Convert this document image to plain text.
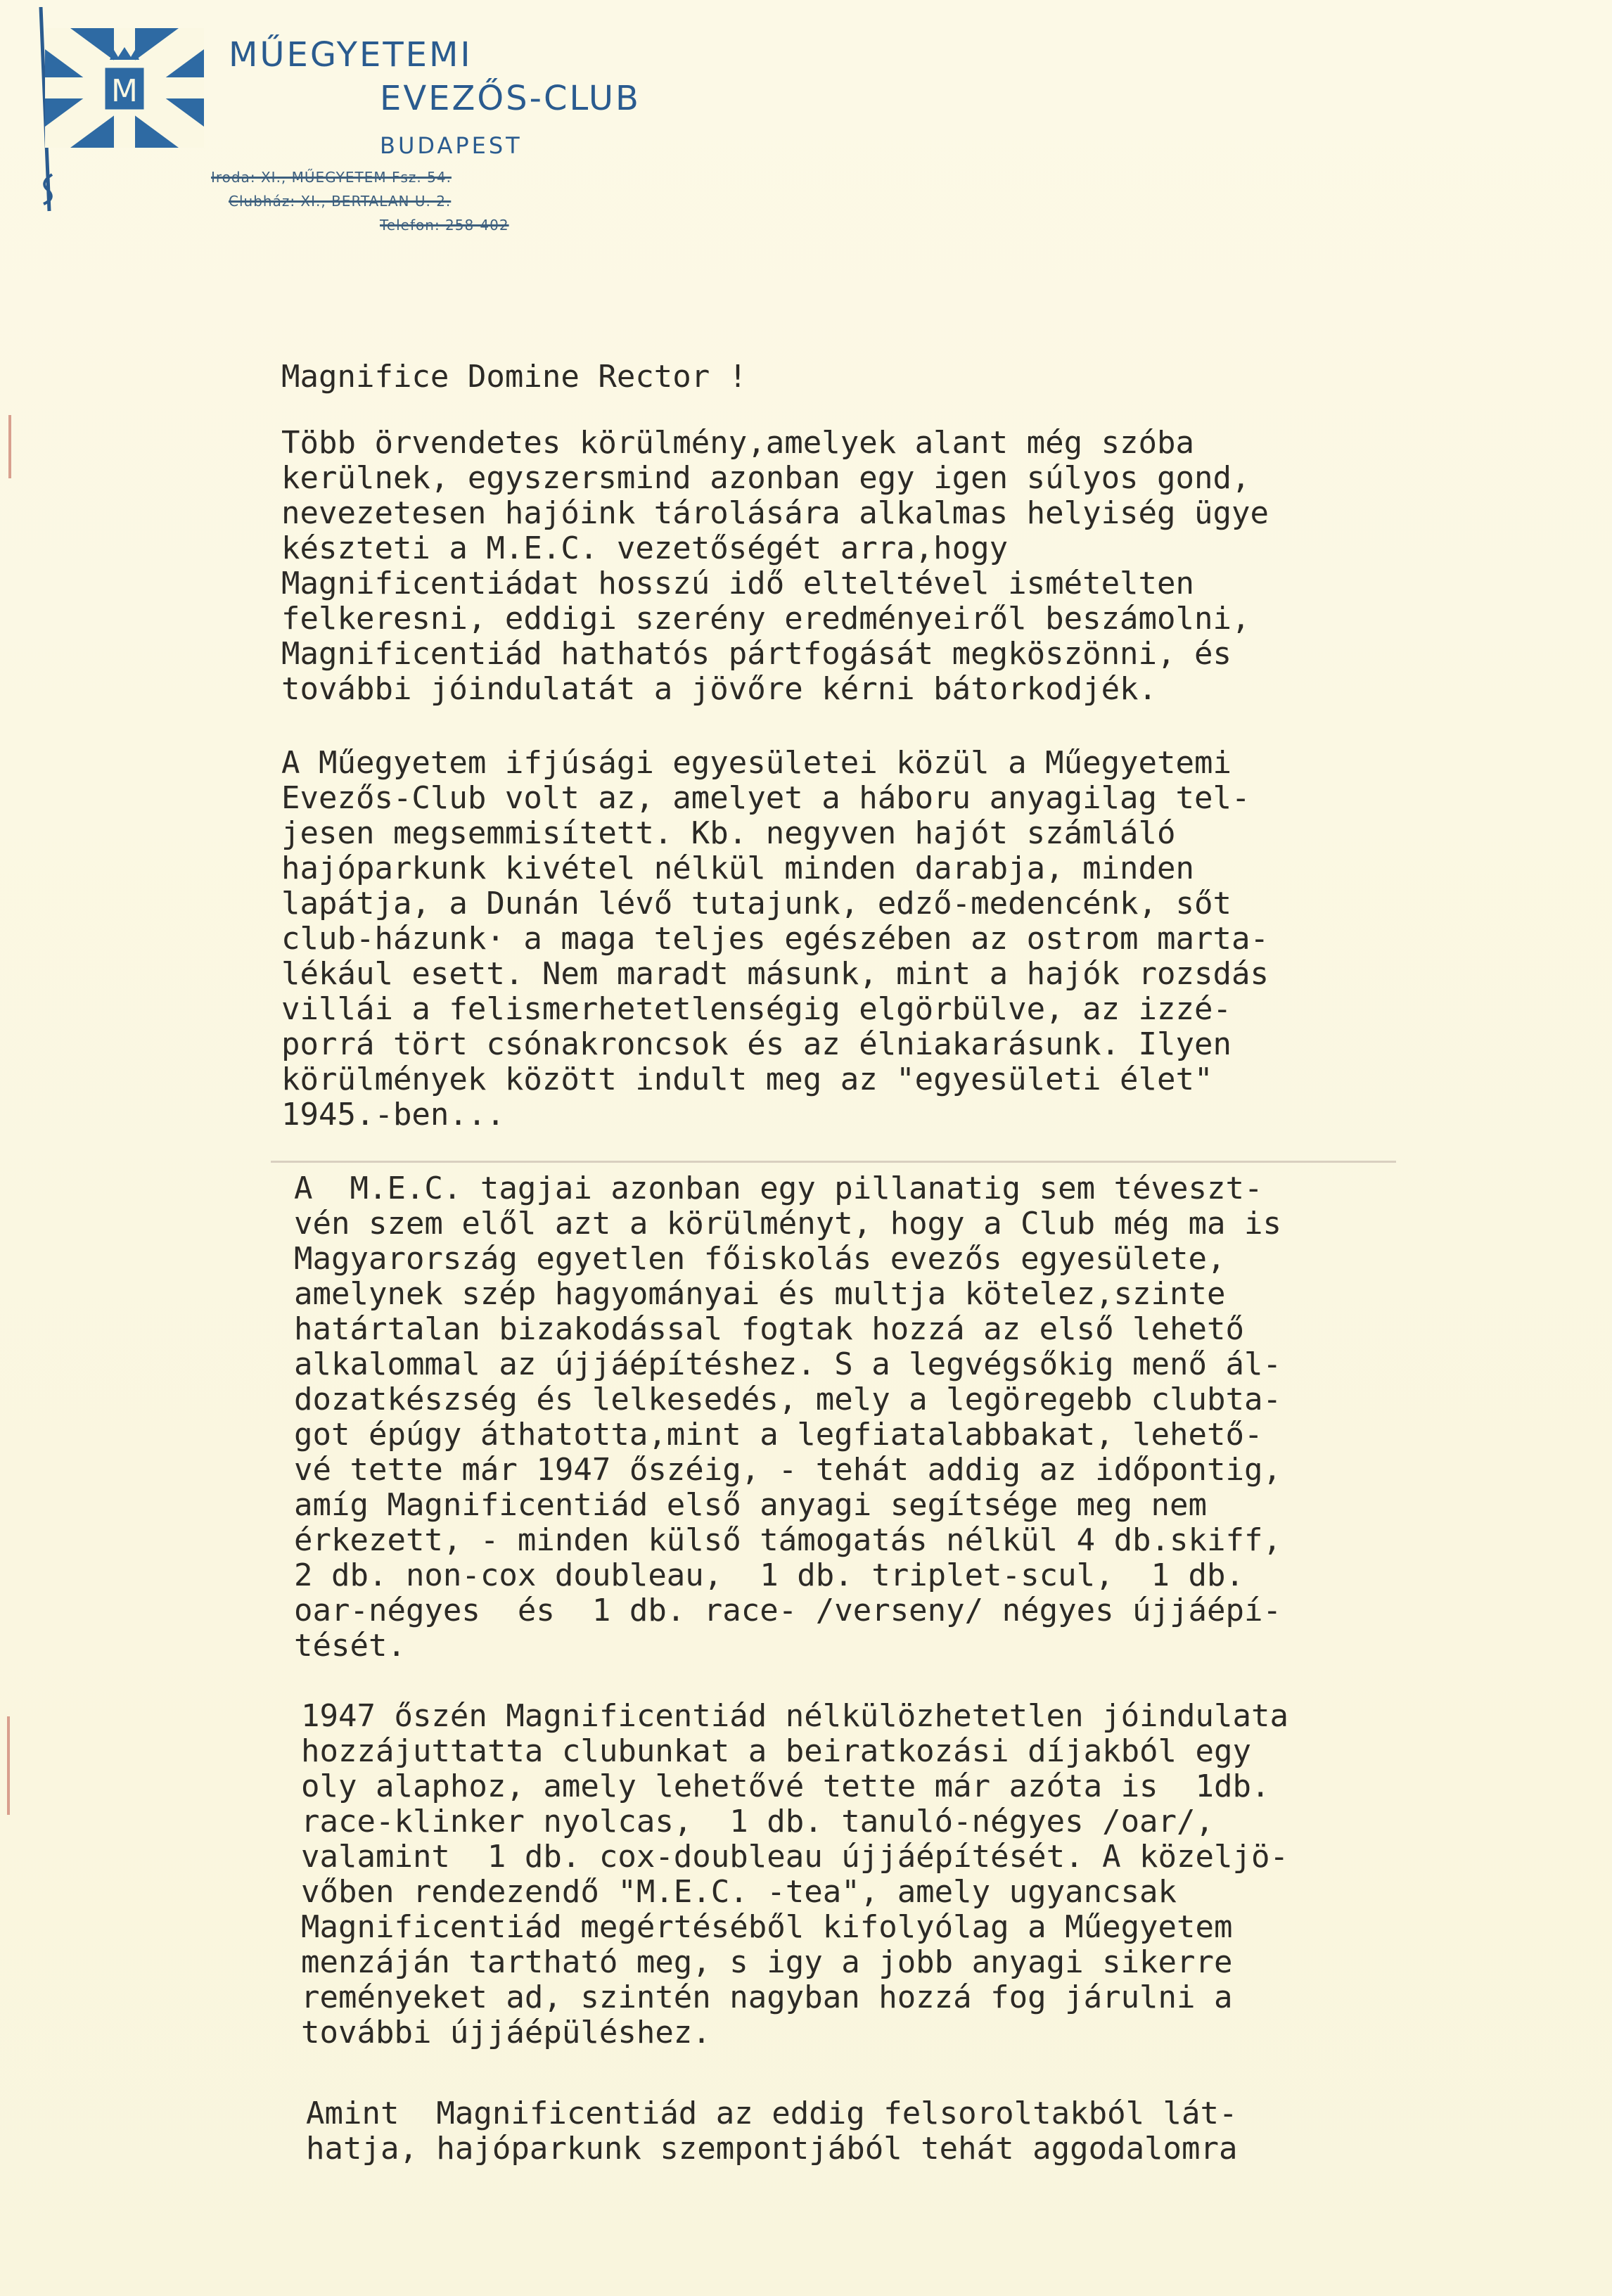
M
MŰEGYETEMI
EVEZŐS-CLUB
BUDAPEST
Iroda: XI., MŰEGYETEM Fsz. 54.
Clubház: XI., BERTALAN U. 2.
Telefon: 258-402
Magnifice Domine Rector !
Több örvendetes körülmény,amelyek alant még szóba
kerülnek, egyszersmind azonban egy igen súlyos gond,
nevezetesen hajóink tárolására alkalmas helyiség ügye
készteti a M.E.C. vezetőségét arra,hogy
Magnificentiádat hosszú idő elteltével ismételten
felkeresni, eddigi szerény eredményeiről beszámolni,
Magnificentiád hathatós pártfogását megköszönni, és
további jóindulatát a jövőre kérni bátorkodjék.
A Műegyetem ifjúsági egyesületei közül a Műegyetemi
Evezős-Club volt az, amelyet a háboru anyagilag tel-
jesen megsemmisített. Kb. negyven hajót számláló
hajóparkunk kivétel nélkül minden darabja, minden
lapátja, a Dunán lévő tutajunk, edző-medencénk, sőt
club-házunk· a maga teljes egészében az ostrom marta-
lékául esett. Nem maradt másunk, mint a hajók rozsdás
villái a felismerhetetlenségig elgörbülve, az izzé-
porrá tört csónakroncsok és az élniakarásunk. Ilyen
körülmények között indult meg az "egyesületi élet"
1945.-ben...
A  M.E.C. tagjai azonban egy pillanatig sem téveszt-
vén szem elől azt a körülményt, hogy a Club még ma is
Magyarország egyetlen főiskolás evezős egyesülete,
amelynek szép hagyományai és multja kötelez,szinte
határtalan bizakodással fogtak hozzá az első lehető
alkalommal az újjáépítéshez. S a legvégsőkig menő ál-
dozatkészség és lelkesedés, mely a legöregebb clubta-
got épúgy áthatotta,mint a legfiatalabbakat, lehető-
vé tette már 1947 őszéig, - tehát addig az időpontig,
amíg Magnificentiád első anyagi segítsége meg nem
érkezett, - minden külső támogatás nélkül 4 db.skiff,
2 db. non-cox doubleau,  1 db. triplet-scul,  1 db.
oar-négyes  és  1 db. race- /verseny/ négyes újjáépí-
tését.
1947 őszén Magnificentiád nélkülözhetetlen jóindulata
hozzájuttatta clubunkat a beiratkozási díjakból egy
oly alaphoz, amely lehetővé tette már azóta is  1db.
race-klinker nyolcas,  1 db. tanuló-négyes /oar/,
valamint  1 db. cox-doubleau újjáépítését. A közeljö-
vőben rendezendő "M.E.C. -tea", amely ugyancsak
Magnificentiád megértéséből kifolyólag a Műegyetem
menzáján tartható meg, s igy a jobb anyagi sikerre
reményeket ad, szintén nagyban hozzá fog járulni a
további újjáépüléshez.
Amint  Magnificentiád az eddig felsoroltakból lát-
hatja, hajóparkunk szempontjából tehát aggodalomra
